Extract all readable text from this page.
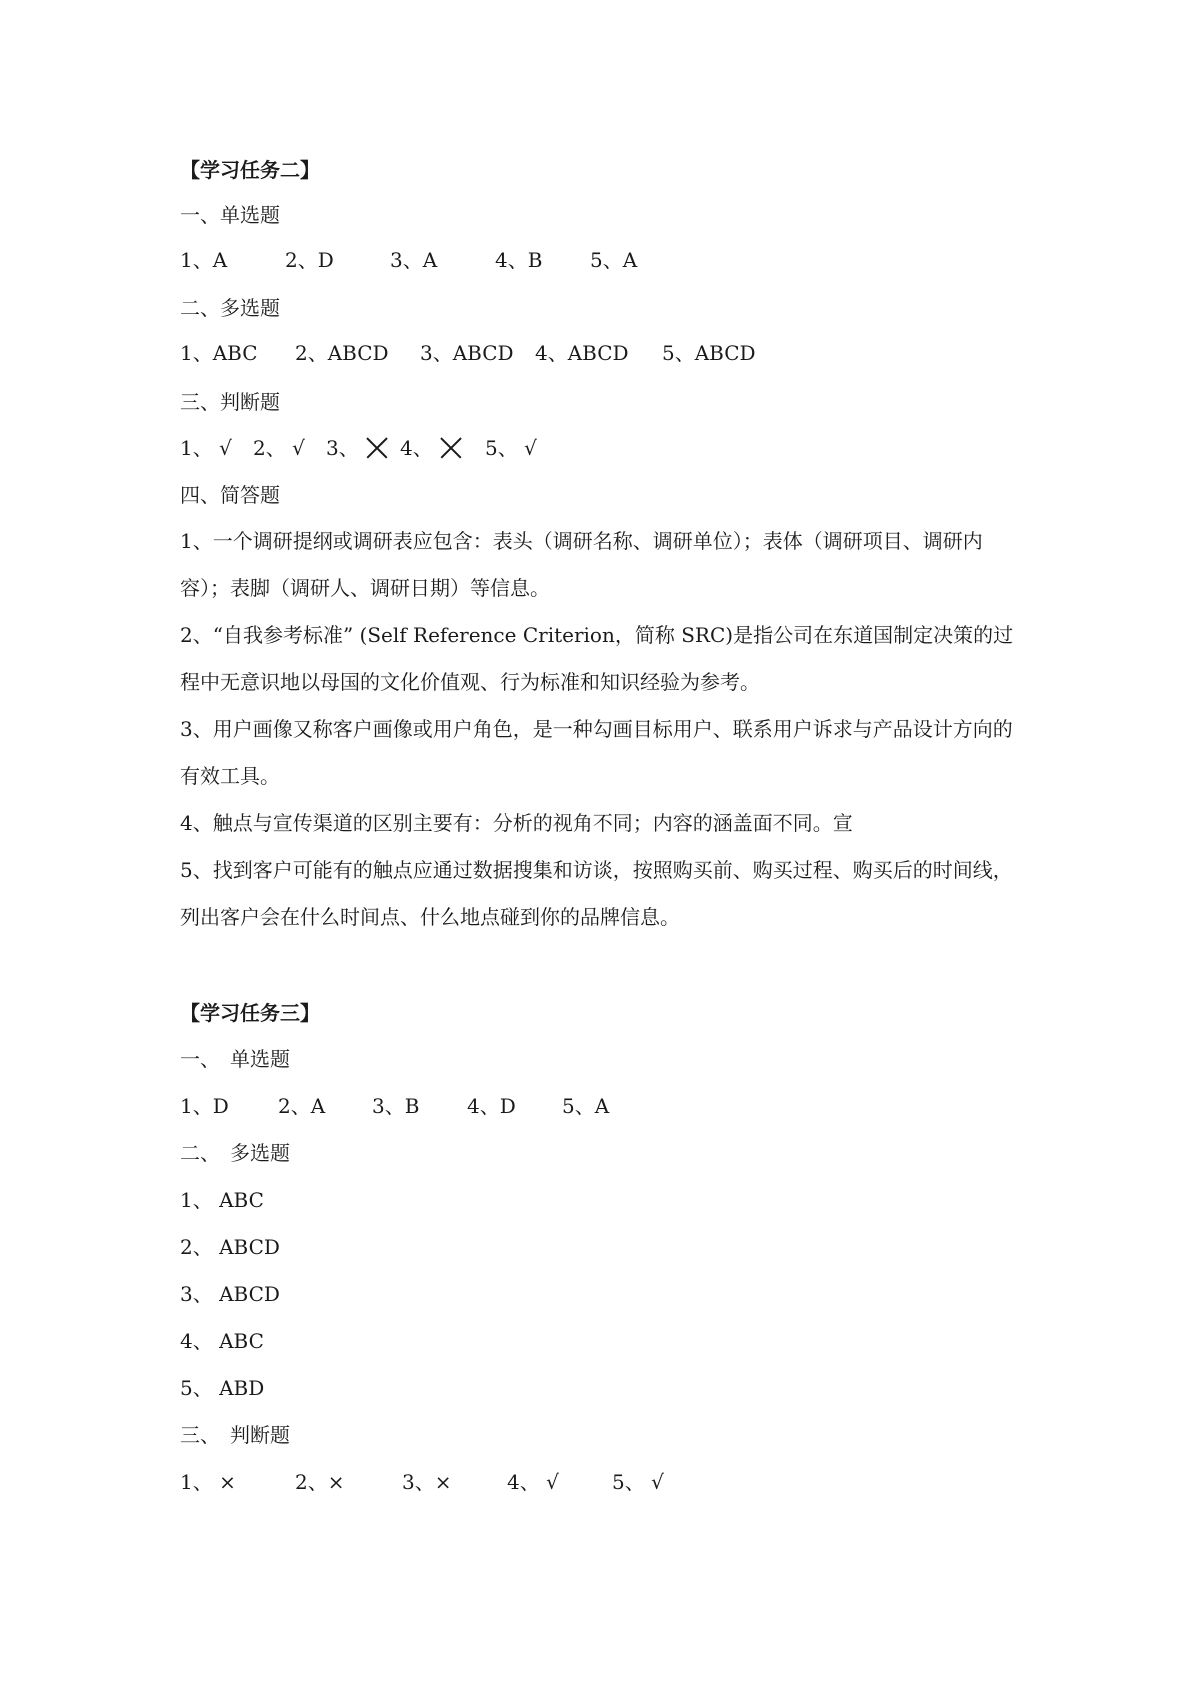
【学习任务二】
一、单选题
1、A	2、D	3、A	4、B 5、A
二、多选题
1、ABC 2、ABCD 3、ABCD 4、ABCD 5、ABCD
三、判断题
1、 √ 2、 √ 3、	4、	5、 √
四、简答题
1、一个调研提纲或调研表应包含：表头（调研名称、调研单位）；表体（调研项目、调研内容）；表脚（调研人、调研日期）等信息。
2、“自我参考标准” (Self Reference Criterion，简称 SRC)是指公司在东道国制定决策的过程中无意识地以母国的文化价值观、行为标准和知识经验为参考。
3、用户画像又称客户画像或用户角色，是一种勾画目标用户、联系用户诉求与产品设计方向的有效工具。
4、触点与宣传渠道的区别主要有：分析的视角不同；内容的涵盖面不同。宣
5、找到客户可能有的触点应通过数据搜集和访谈，按照购买前、购买过程、购买后的时间线，列出客户会在什么时间点、什么地点碰到你的品牌信息。
【学习任务三】
一、　单选题
1、D 2、A 3、B 4、D 5、A
二、　多选题
1、 ABC
2、 ABCD
3、 ABCD
4、 ABC
5、 ABD
三、　判断题
1、 ×	2、×	3、×	4、 √	5、 √
